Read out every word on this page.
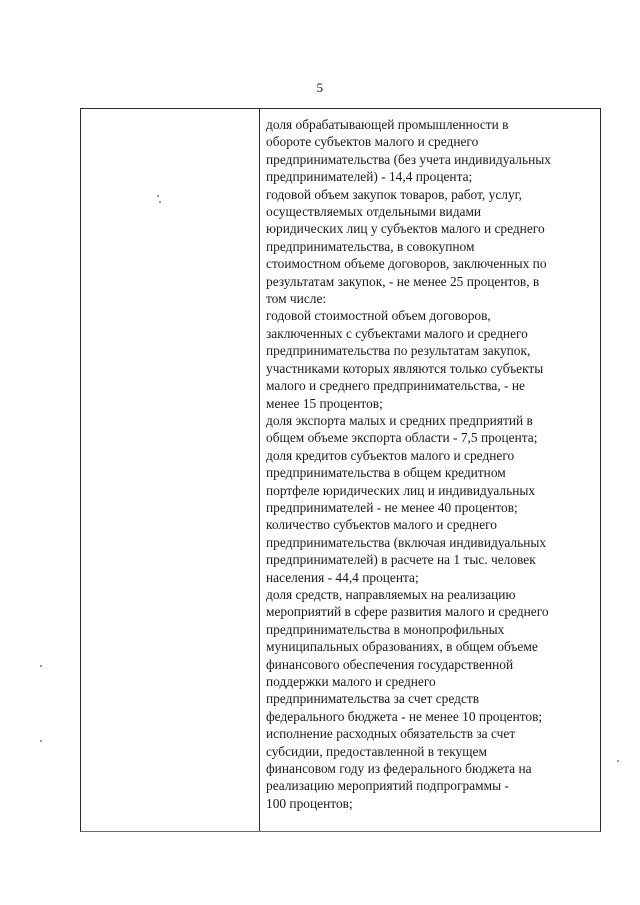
5
доля обрабатывающей промышленности в
обороте субъектов малого и среднего
предпринимательства (без учета индивидуальных
предпринимателей) - 14,4 процента;
годовой объем закупок товаров, работ, услуг,
осуществляемых отдельными видами
юридических лиц у субъектов малого и среднего
предпринимательства, в совокупном
стоимостном объеме договоров, заключенных по
результатам закупок, - не менее 25 процентов, в
том числе:
годовой стоимостной объем договоров,
заключенных с субъектами малого и среднего
предпринимательства по результатам закупок,
участниками которых являются только субъекты
малого и среднего предпринимательства, - не
менее 15 процентов;
доля экспорта малых и средних предприятий в
общем объеме экспорта области - 7,5 процента;
доля кредитов субъектов малого и среднего
предпринимательства в общем кредитном
портфеле юридических лиц и индивидуальных
предпринимателей - не менее 40 процентов;
количество субъектов малого и среднего
предпринимательства (включая индивидуальных
предпринимателей) в расчете на 1 тыс. человек
населения - 44,4 процента;
доля средств, направляемых на реализацию
мероприятий в сфере развития малого и среднего
предпринимательства в монопрофильных
муниципальных образованиях, в общем объеме
финансового обеспечения государственной
поддержки малого и среднего
предпринимательства за счет средств
федерального бюджета - не менее 10 процентов;
исполнение расходных обязательств за счет
субсидии, предоставленной в текущем
финансовом году из федерального бюджета на
реализацию мероприятий подпрограммы -
100 процентов;
